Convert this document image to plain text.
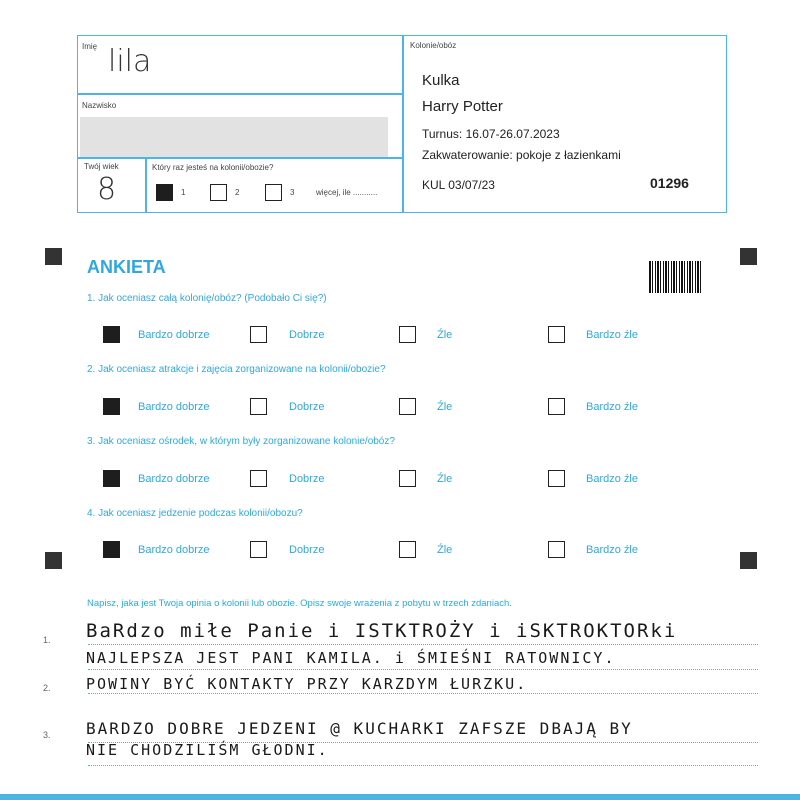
Imię lila
Nazwisko
Twój wiek
8
Który raz jesteś na kolonii/obozie?
1	2	3	więcej, ile ...........
Kolonie/obóz
Kulka
Harry Potter
Turnus: 16.07-26.07.2023
Zakwaterowanie: pokoje z łazienkami
KUL 03/07/23	01296
ANKIETA
1. Jak oceniasz całą kolonię/obóz? (Podobało Ci się?)
2. Jak oceniasz atrakcje i zajęcia zorganizowane na kolonii/obozie?
3. Jak oceniasz ośrodek, w którym były zorganizowane kolonie/obóz?
4. Jak oceniasz jedzenie podczas kolonii/obozu?
Bardzo dobrze	Dobrze	Źle	Bardzo źle
Bardzo dobrze	Dobrze	Źle	Bardzo źle
Bardzo dobrze	Dobrze	Źle	Bardzo źle
Bardzo dobrze	Dobrze	Źle	Bardzo źle
Napisz, jaka jest Twoja opinia o kolonii lub obozie. Opisz swoje wrażenia z pobytu w trzech zdaniach.
1.
2.
3.
BaRdzo miłe Panie i ISTKTROŻY i iSKTROKTORki
NAJLEPSZA JEST PANI KAMILA. i ŚMIEŚNI RATOWNICY.
POWINY BYĆ KONTAKTY PRZY KARZDYM ŁURZKU.
BARDZO DOBRE JEDZENI @ KUCHARKI ZAFSZE DBAJĄ BY
NIE CHODZILIŚM GŁODNI.
